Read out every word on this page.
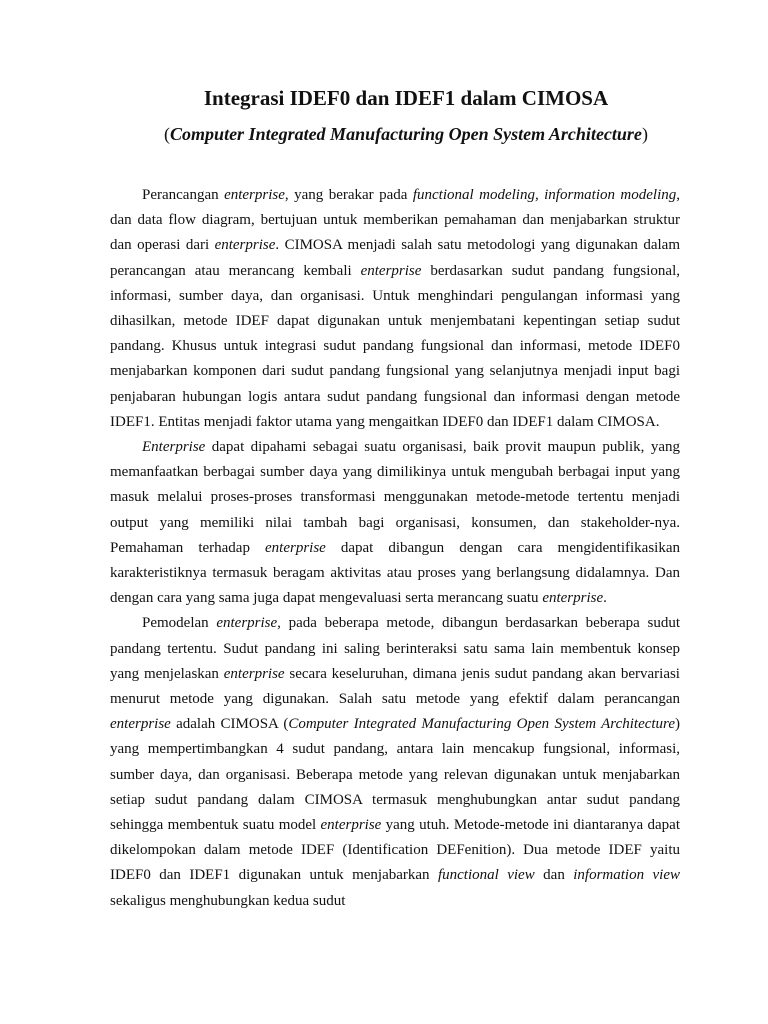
Integrasi IDEF0 dan IDEF1 dalam CIMOSA
(Computer Integrated Manufacturing Open System Architecture)

Perancangan enterprise, yang berakar pada functional modeling, information modeling, dan data flow diagram, bertujuan untuk memberikan pemahaman dan menjabarkan struktur dan operasi dari enterprise. CIMOSA menjadi salah satu metodologi yang digunakan dalam perancangan atau merancang kembali enterprise berdasarkan sudut pandang fungsional, informasi, sumber daya, dan organisasi. Untuk menghindari pengulangan informasi yang dihasilkan, metode IDEF dapat digunakan untuk menjembatani kepentingan setiap sudut pandang. Khusus untuk integrasi sudut pandang fungsional dan informasi, metode IDEF0 menjabarkan komponen dari sudut pandang fungsional yang selanjutnya menjadi input bagi penjabaran hubungan logis antara sudut pandang fungsional dan informasi dengan metode IDEF1. Entitas menjadi faktor utama yang mengaitkan IDEF0 dan IDEF1 dalam CIMOSA.

Enterprise dapat dipahami sebagai suatu organisasi, baik provit maupun publik, yang memanfaatkan berbagai sumber daya yang dimilikinya untuk mengubah berbagai input yang masuk melalui proses-proses transformasi menggunakan metode-metode tertentu menjadi output yang memiliki nilai tambah bagi organisasi, konsumen, dan stakeholder-nya. Pemahaman terhadap enterprise dapat dibangun dengan cara mengidentifikasikan karakteristiknya termasuk beragam aktivitas atau proses yang berlangsung didalamnya. Dan dengan cara yang sama juga dapat mengevaluasi serta merancang suatu enterprise.

Pemodelan enterprise, pada beberapa metode, dibangun berdasarkan beberapa sudut pandang tertentu. Sudut pandang ini saling berinteraksi satu sama lain membentuk konsep yang menjelaskan enterprise secara keseluruhan, dimana jenis sudut pandang akan bervariasi menurut metode yang digunakan. Salah satu metode yang efektif dalam perancangan enterprise adalah CIMOSA (Computer Integrated Manufacturing Open System Architecture) yang mempertimbangkan 4 sudut pandang, antara lain mencakup fungsional, informasi, sumber daya, dan organisasi. Beberapa metode yang relevan digunakan untuk menjabarkan setiap sudut pandang dalam CIMOSA termasuk menghubungkan antar sudut pandang sehingga membentuk suatu model enterprise yang utuh. Metode-metode ini diantaranya dapat dikelompokan dalam metode IDEF (Identification DEFenition). Dua metode IDEF yaitu IDEF0 dan IDEF1 digunakan untuk menjabarkan functional view dan information view sekaligus menghubungkan kedua sudut
